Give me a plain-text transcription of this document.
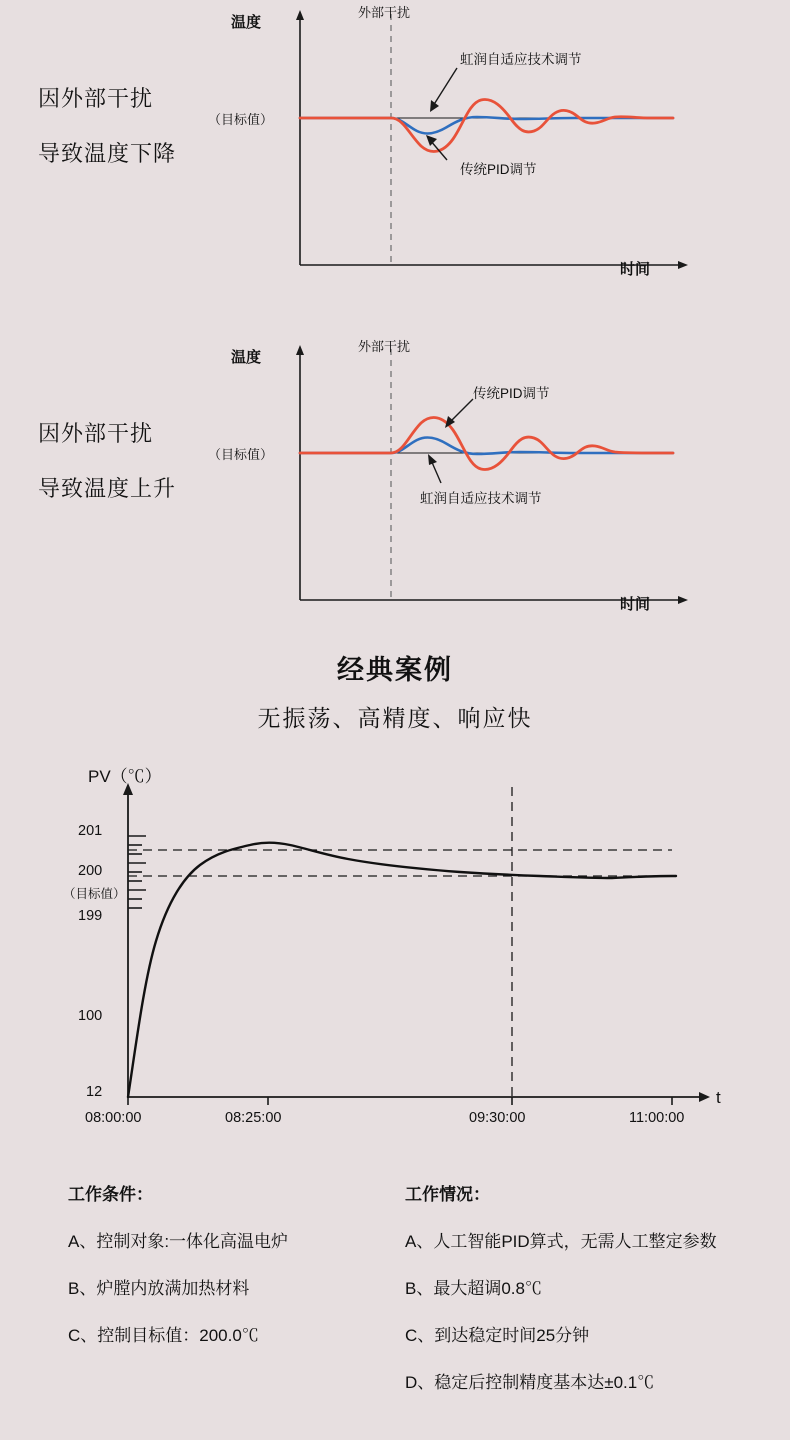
因外部干扰
导致温度下降
温度
时间
（目标值）
外部干扰
虹润自适应技术调节
传统PID调节
因外部干扰
导致温度上升
温度
时间
（目标值）
外部干扰
传统PID调节
虹润自适应技术调节
经典案例
无振荡、高精度、响应快
PV（℃）
t
201
200
（目标值）
199
100
12
08:00:00	08:25:00	09:30:00	11:00:00
工作条件：
A、控制对象:一体化高温电炉
B、炉膛内放满加热材料
C、控制目标值：200.0℃
工作情况：
A、人工智能PID算式，无需人工整定参数
B、最大超调0.8℃
C、到达稳定时间25分钟
D、稳定后控制精度基本达±0.1℃
